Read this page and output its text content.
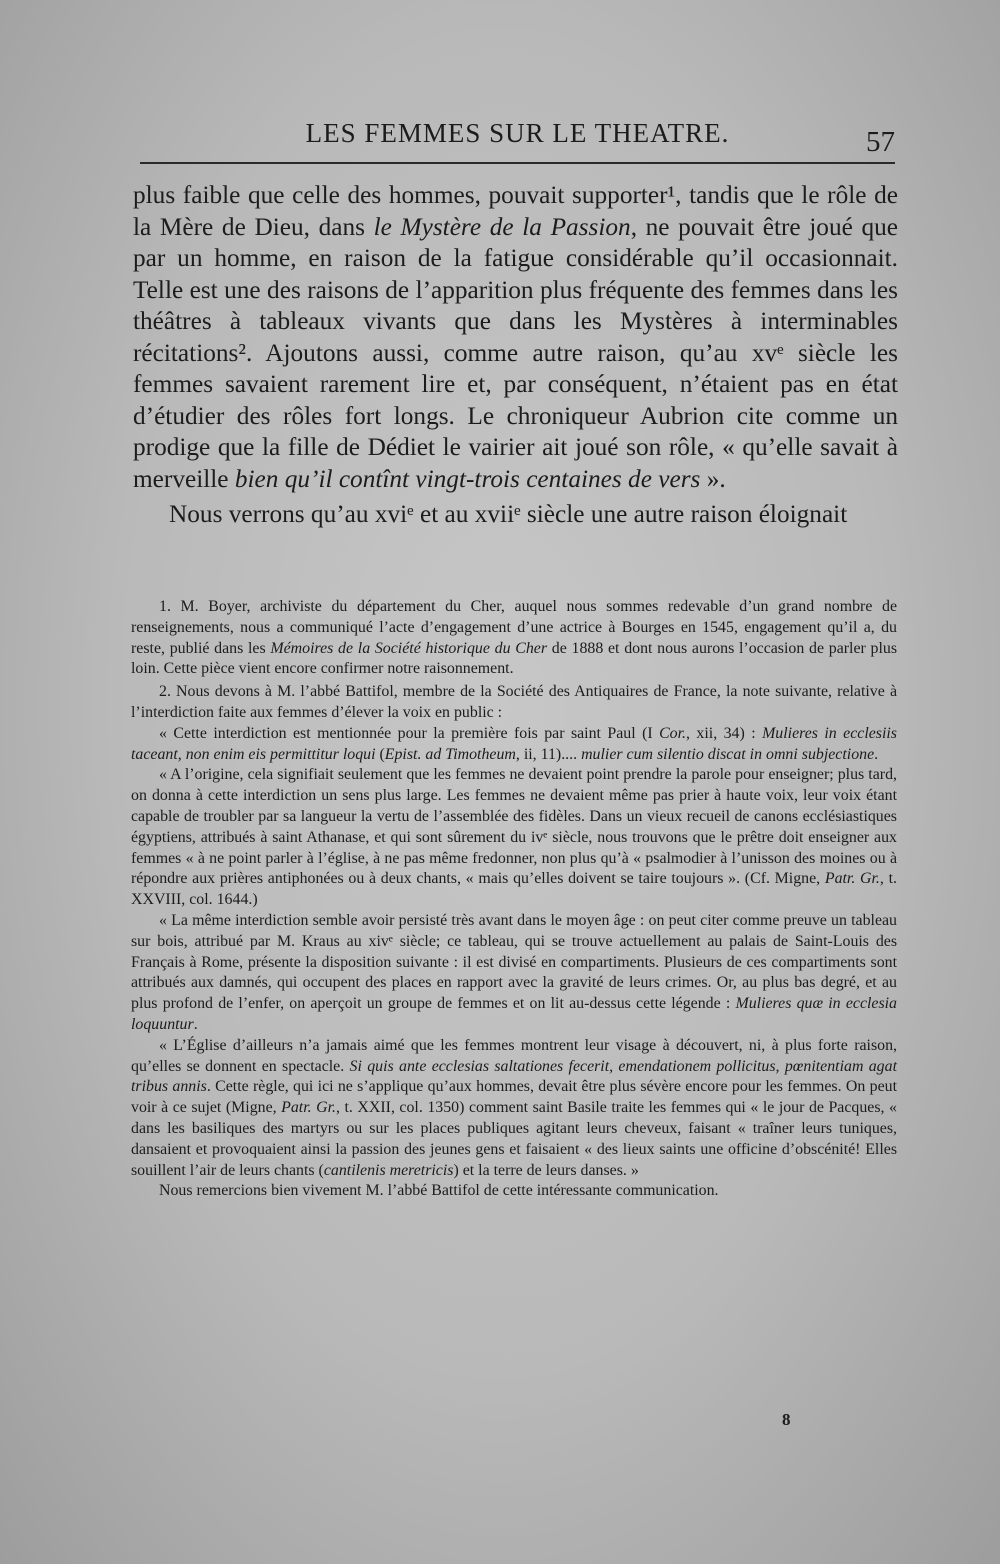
LES FEMMES SUR LE THEATRE.	57

plus faible que celle des hommes, pouvait supporter¹, tandis que le rôle de la Mère de Dieu, dans le Mystère de la Passion, ne pouvait être joué que par un homme, en raison de la fatigue considérable qu’il occasionnait. Telle est une des raisons de l’apparition plus fréquente des femmes dans les théâtres à tableaux vivants que dans les Mystères à interminables récitations². Ajoutons aussi, comme autre raison, qu’au xvᵉ siècle les femmes savaient rarement lire et, par conséquent, n’étaient pas en état d’étudier des rôles fort longs. Le chroniqueur Aubrion cite comme un prodige que la fille de Dédiet le vairier ait joué son rôle, « qu’elle savait à merveille bien qu’il contînt vingt-trois centaines de vers ».

Nous verrons qu’au xviᵉ et au xviiᵉ siècle une autre raison éloignait

1. M. Boyer, archiviste du département du Cher, auquel nous sommes redevable d’un grand nombre de renseignements, nous a communiqué l’acte d’engagement d’une actrice à Bourges en 1545, engagement qu’il a, du reste, publié dans les Mémoires de la Société historique du Cher de 1888 et dont nous aurons l’occasion de parler plus loin. Cette pièce vient encore confirmer notre raisonnement.

2. Nous devons à M. l’abbé Battifol, membre de la Société des Antiquaires de France, la note suivante, relative à l’interdiction faite aux femmes d’élever la voix en public :

« Cette interdiction est mentionnée pour la première fois par saint Paul (I Cor., xii, 34) : Mulieres in ecclesiis taceant, non enim eis permittitur loqui (Epist. ad Timotheum, ii, 11).... mulier cum silentio discat in omni subjectione.

« A l’origine, cela signifiait seulement que les femmes ne devaient point prendre la parole pour enseigner; plus tard, on donna à cette interdiction un sens plus large. Les femmes ne devaient même pas prier à haute voix, leur voix étant capable de troubler par sa langueur la vertu de l’assemblée des fidèles. Dans un vieux recueil de canons ecclésiastiques égyptiens, attribués à saint Athanase, et qui sont sûrement du ivᵉ siècle, nous trouvons que le prêtre doit enseigner aux femmes « à ne point parler à l’église, à ne pas même fredonner, non plus qu’à « psalmodier à l’unisson des moines ou à répondre aux prières antiphonées ou à deux chants, « mais qu’elles doivent se taire toujours ». (Cf. Migne, Patr. Gr., t. XXVIII, col. 1644.)

« La même interdiction semble avoir persisté très avant dans le moyen âge : on peut citer comme preuve un tableau sur bois, attribué par M. Kraus au xivᵉ siècle; ce tableau, qui se trouve actuellement au palais de Saint-Louis des Français à Rome, présente la disposition suivante : il est divisé en compartiments. Plusieurs de ces compartiments sont attribués aux damnés, qui occupent des places en rapport avec la gravité de leurs crimes. Or, au plus bas degré, et au plus profond de l’enfer, on aperçoit un groupe de femmes et on lit au-dessus cette légende : Mulieres quæ in ecclesia loquuntur.

« L’Église d’ailleurs n’a jamais aimé que les femmes montrent leur visage à découvert, ni, à plus forte raison, qu’elles se donnent en spectacle. Si quis ante ecclesias saltationes fecerit, emendationem pollicitus, pœnitentiam agat tribus annis. Cette règle, qui ici ne s’applique qu’aux hommes, devait être plus sévère encore pour les femmes. On peut voir à ce sujet (Migne, Patr. Gr., t. XXII, col. 1350) comment saint Basile traite les femmes qui « le jour de Pacques, « dans les basiliques des martyrs ou sur les places publiques agitant leurs cheveux, faisant « traîner leurs tuniques, dansaient et provoquaient ainsi la passion des jeunes gens et faisaient « des lieux saints une officine d’obscénité! Elles souillent l’air de leurs chants (cantilenis meretricis) et la terre de leurs danses. »

Nous remercions bien vivement M. l’abbé Battifol de cette intéressante communication.

8
